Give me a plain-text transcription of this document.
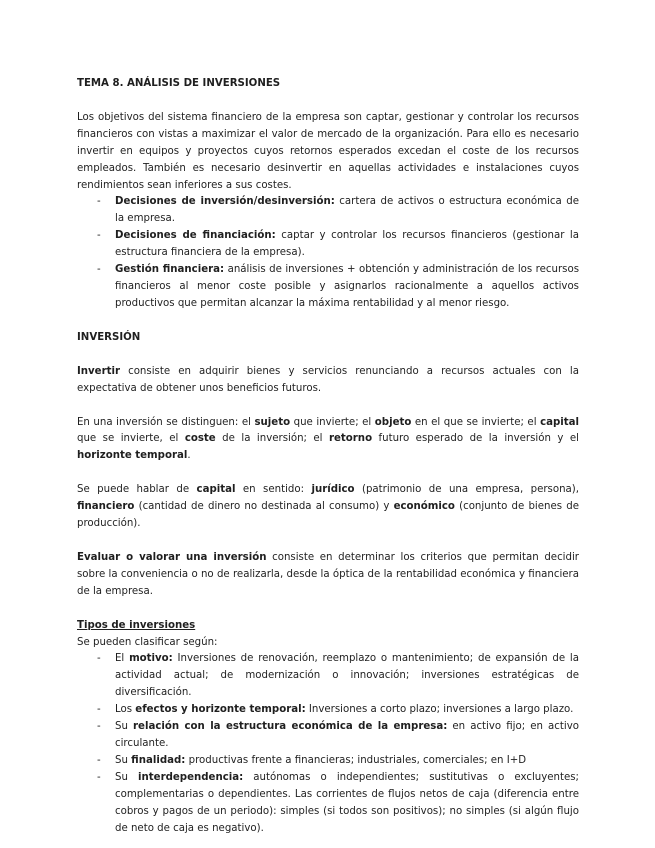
TEMA 8. ANÁLISIS DE INVERSIONES

Los objetivos del sistema financiero de la empresa son captar, gestionar y controlar los recursos financieros con vistas a maximizar el valor de mercado de la organización. Para ello es necesario invertir en equipos y proyectos cuyos retornos esperados excedan el coste de los recursos empleados. También es necesario desinvertir en aquellas actividades e instalaciones cuyos rendimientos sean inferiores a sus costes.

- Decisiones de inversión/desinversión: cartera de activos o estructura económica de la empresa.
- Decisiones de financiación: captar y controlar los recursos financieros (gestionar la estructura financiera de la empresa).
- Gestión financiera: análisis de inversiones + obtención y administración de los recursos financieros al menor coste posible y asignarlos racionalmente a aquellos activos productivos que permitan alcanzar la máxima rentabilidad y al menor riesgo.

INVERSIÓN

Invertir consiste en adquirir bienes y servicios renunciando a recursos actuales con la expectativa de obtener unos beneficios futuros.

En una inversión se distinguen: el sujeto que invierte; el objeto en el que se invierte; el capital que se invierte, el coste de la inversión; el retorno futuro esperado de la inversión y el horizonte temporal.

Se puede hablar de capital en sentido: jurídico (patrimonio de una empresa, persona), financiero (cantidad de dinero no destinada al consumo) y económico (conjunto de bienes de producción).

Evaluar o valorar una inversión consiste en determinar los criterios que permitan decidir sobre la conveniencia o no de realizarla, desde la óptica de la rentabilidad económica y financiera de la empresa.

Tipos de inversiones

Se pueden clasificar según:

- El motivo: Inversiones de renovación, reemplazo o mantenimiento; de expansión de la actividad actual; de modernización o innovación; inversiones estratégicas de diversificación.
- Los efectos y horizonte temporal: Inversiones a corto plazo; inversiones a largo plazo.
- Su relación con la estructura económica de la empresa: en activo fijo; en activo circulante.
- Su finalidad: productivas frente a financieras; industriales, comerciales; en I+D
- Su interdependencia: autónomas o independientes; sustitutivas o excluyentes; complementarias o dependientes. Las corrientes de flujos netos de caja (diferencia entre cobros y pagos de un periodo): simples (si todos son positivos); no simples (si algún flujo de neto de caja es negativo).
